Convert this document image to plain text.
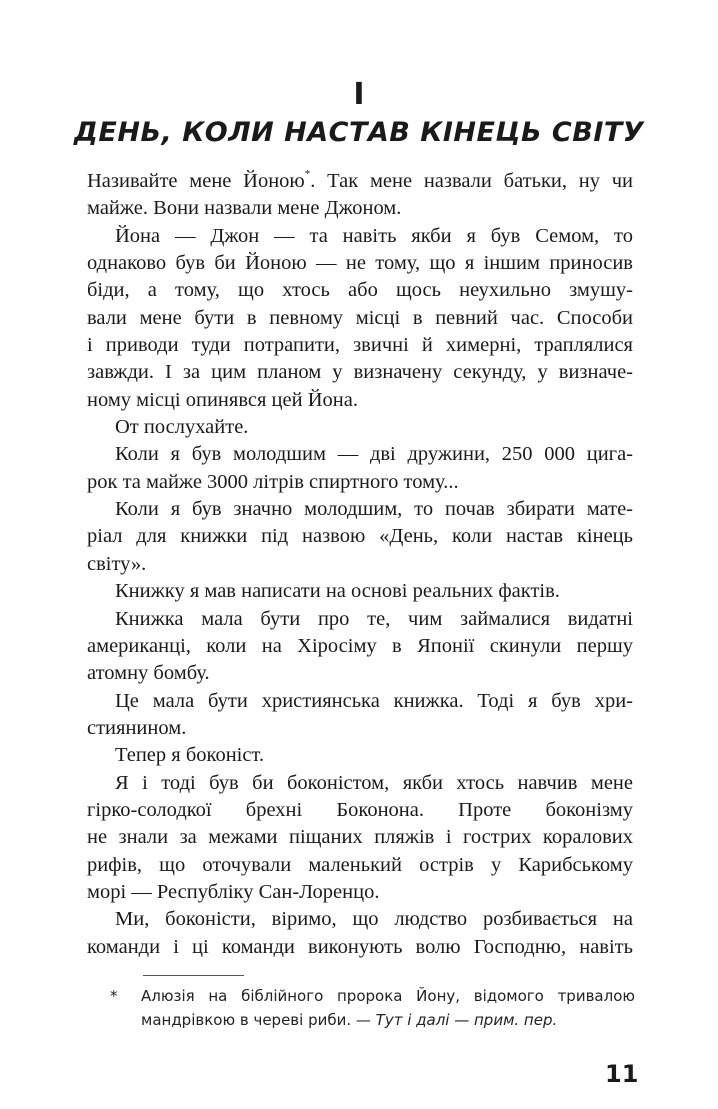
I
ДЕНЬ, КОЛИ НАСТАВ КІНЕЦЬ СВІТУ
Називайте мене Йоною*. Так мене назвали батьки, ну чи
майже. Вони назвали мене Джоном.
Йона — Джон — та навіть якби я був Семом, то
однаково був би Йоною — не тому, що я іншим приносив
біди, а тому, що хтось або щось неухильно змушу-
вали мене бути в певному місці в певний час. Способи
і приводи туди потрапити, звичні й химерні, траплялися
завжди. І за цим планом у визначену секунду, у визначе-
ному місці опинявся цей Йона.
От послухайте.
Коли я був молодшим — дві дружини, 250 000 цига-
рок та майже 3000 літрів спиртного тому...
Коли я був значно молодшим, то почав збирати мате-
ріал для книжки під назвою «День, коли настав кінець
світу».
Книжку я мав написати на основі реальних фактів.
Книжка мала бути про те, чим займалися видатні
американці, коли на Хіросіму в Японії скинули першу
атомну бомбу.
Це мала бути християнська книжка. Тоді я був хри-
стиянином.
Тепер я боконіст.
Я і тоді був би боконістом, якби хтось навчив мене
гірко-солодкої брехні Боконона. Проте боконізму
не знали за межами піщаних пляжів і гострих коралових
рифів, що оточували маленький острів у Карибському
морі — Республіку Сан-Лоренцо.
Ми, боконісти, віримо, що людство розбивається на
команди і ці команди виконують волю Господню, навіть
*	Алюзія на біблійного пророка Йону, відомого тривалою
мандрівкою в череві риби. — Тут і далі — прим. пер.
11
